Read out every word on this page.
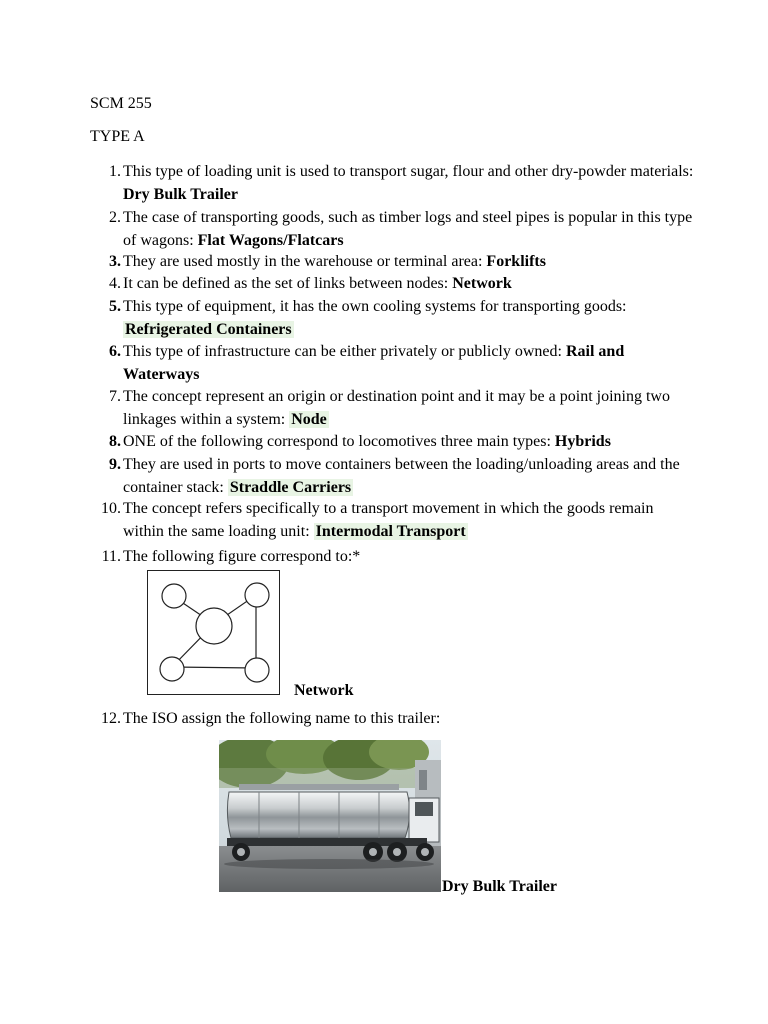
SCM 255
TYPE A
1. This type of loading unit is used to transport sugar, flour and other dry-powder materials: Dry Bulk Trailer
2. The case of transporting goods, such as timber logs and steel pipes is popular in this type of wagons: Flat Wagons/Flatcars
3. They are used mostly in the warehouse or terminal area: Forklifts
4. It can be defined as the set of links between nodes: Network
5. This type of equipment, it has the own cooling systems for transporting goods: Refrigerated Containers
6. This type of infrastructure can be either privately or publicly owned: Rail and Waterways
7. The concept represent an origin or destination point and it may be a point joining two linkages within a system: Node
8. ONE of the following correspond to locomotives three main types: Hybrids
9. They are used in ports to move containers between the loading/unloading areas and the container stack: Straddle Carriers
10. The concept refers specifically to a transport movement in which the goods remain within the same loading unit: Intermodal Transport
11. The following figure correspond to:*
Network
12. The ISO assign the following name to this trailer:
Dry Bulk Trailer
